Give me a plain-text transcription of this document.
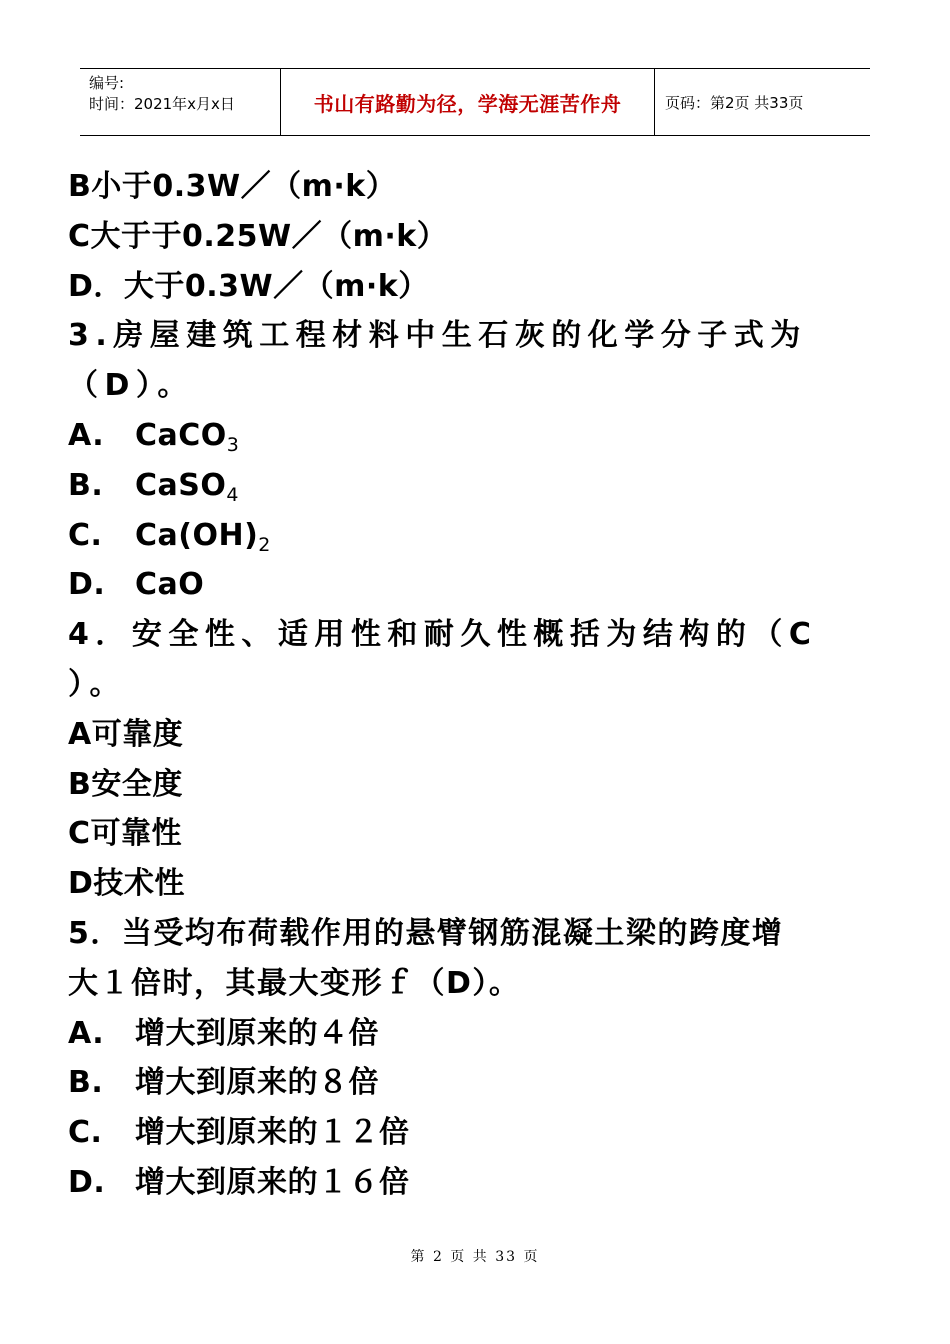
编号:
时间：2021年x月x日	书山有路勤为径，学海无涯苦作舟	页码：第2页 共33页
B小于0.3W／（m·k）
C大于于0.25W／（m·k）
D．大于0.3W／（m·k）
3.房屋建筑工程材料中生石灰的化学分子式为
（D）。
A. CaCO$_3$
B. CaSO$_4$
C. $Ca(OH)_2$
D. CaO
4．安全性、适用性和耐久性概括为结构的（C
）。
A可靠度
B安全度
C可靠性
D技术性
5．当受均布荷载作用的悬臂钢筋混凝土梁的跨度增
大１倍时，其最大变形ｆ（D）。
A. 增大到原来的４倍
B. 增大到原来的８倍
C. 增大到原来的１２倍
D. 增大到原来的１６倍
第 2 页 共 33 页
